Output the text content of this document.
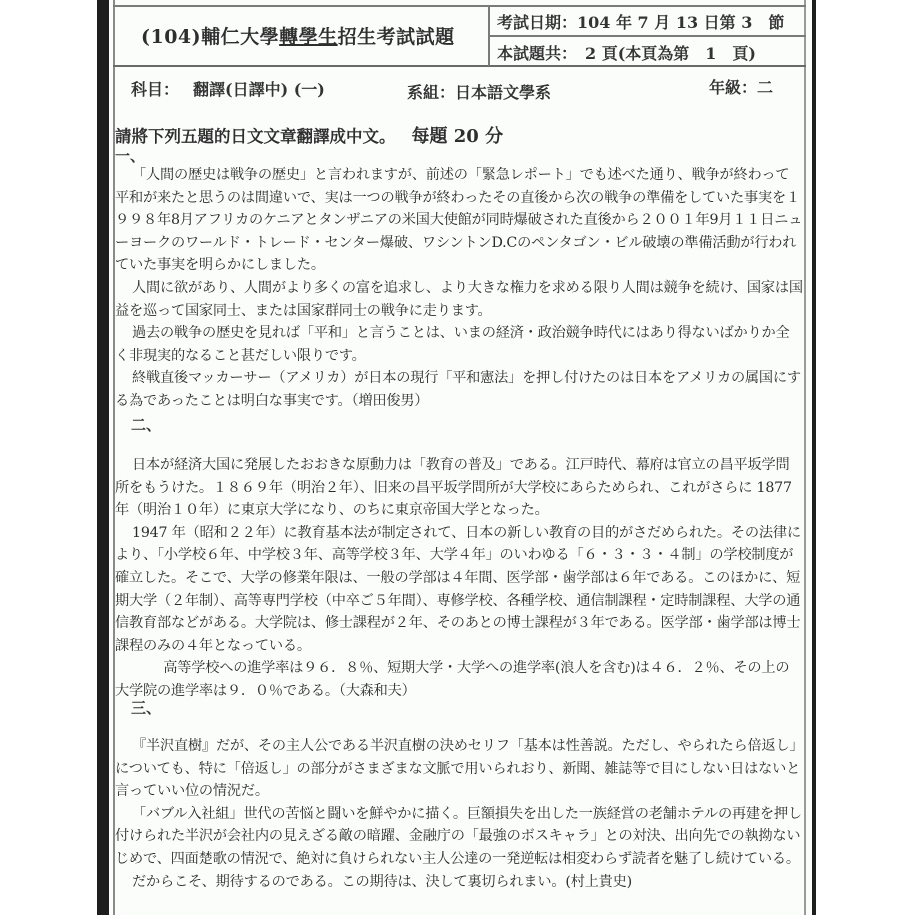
(104)輔仁大學轉學生招生考試試題
考試日期：104 年 7 月 13 日第 3　節
本試題共：　2 頁(本頁為第　1　頁)
科目： 翻譯(日譯中) (一)	系組：日本語文學系	年級：二
請將下列五題的日文文章翻譯成中文。 每題 20 分
一、

「人間の歴史は戦争の歴史」と言われますが、前述の「緊急レポート」でも述べた通り、戦争が終わって平和が来たと思うのは間違いで、実は一つの戦争が終わったその直後から次の戦争の準備をしていた事実を１９９８年8月アフリカのケニアとタンザニアの米国大使館が同時爆破された直後から２００１年9月１１日ニューヨークのワールド・トレード・センター爆破、ワシントンD.Cのペンタゴン・ビル破壊の準備活動が行われていた事実を明らかにしました。

人間に欲があり、人間がより多くの富を追求し、より大きな権力を求める限り人間は競争を続け、国家は国益を巡って国家同士、または国家群同士の戦争に走ります。

過去の戦争の歴史を見れば「平和」と言うことは、いまの経済・政治競争時代にはあり得ないばかりか全く非現実的なること甚だしい限りです。

終戦直後マッカーサー（アメリカ）が日本の現行「平和憲法」を押し付けたのは日本をアメリカの属国にする為であったことは明白な事実です。（増田俊男）

二、

日本が経済大国に発展したおおきな原動力は「教育の普及」である。江戸時代、幕府は官立の昌平坂学問所をもうけた。１８６９年（明治２年）、旧来の昌平坂学問所が大学校にあらためられ、これがさらに 1877 年（明治１０年）に東京大学になり、のちに東京帝国大学となった。

1947 年（昭和２２年）に教育基本法が制定されて、日本の新しい教育の目的がさだめられた。その法律により、「小学校６年、中学校３年、高等学校３年、大学４年」のいわゆる「６・３・３・４制」の学校制度が確立した。そこで、大学の修業年限は、一般の学部は４年間、医学部・歯学部は６年である。このほかに、短期大学（２年制）、高等専門学校（中卒ご５年間）、専修学校、各種学校、通信制課程・定時制課程、大学の通信教育部などがある。大学院は、修士課程が２年、そのあとの博士課程が３年である。医学部・歯学部は博士課程のみの４年となっている。

高等学校への進学率は９６．８％、短期大学・大学への進学率(浪人を含む)は４６．２％、その上の大学院の進学率は９．０％である。（大森和夫）

三、

『半沢直樹』だが、その主人公である半沢直樹の決めセリフ「基本は性善説。ただし、やられたら倍返し」についても、特に「倍返し」の部分がさまざまな文脈で用いられおり、新聞、雑誌等で目にしない日はないと言っていい位の情況だ。

「バブル入社組」世代の苦悩と闘いを鮮やかに描く。巨額損失を出した一族経営の老舗ホテルの再建を押し付けられた半沢が会社内の見えざる敵の暗躍、金融庁の「最強のボスキャラ」との対決、出向先での執拗ないじめで、四面楚歌の情況で、絶対に負けられない主人公達の一発逆転は相変わらず読者を魅了し続けている。

だからこそ、期待するのである。この期待は、決して裏切られまい。(村上貴史)
